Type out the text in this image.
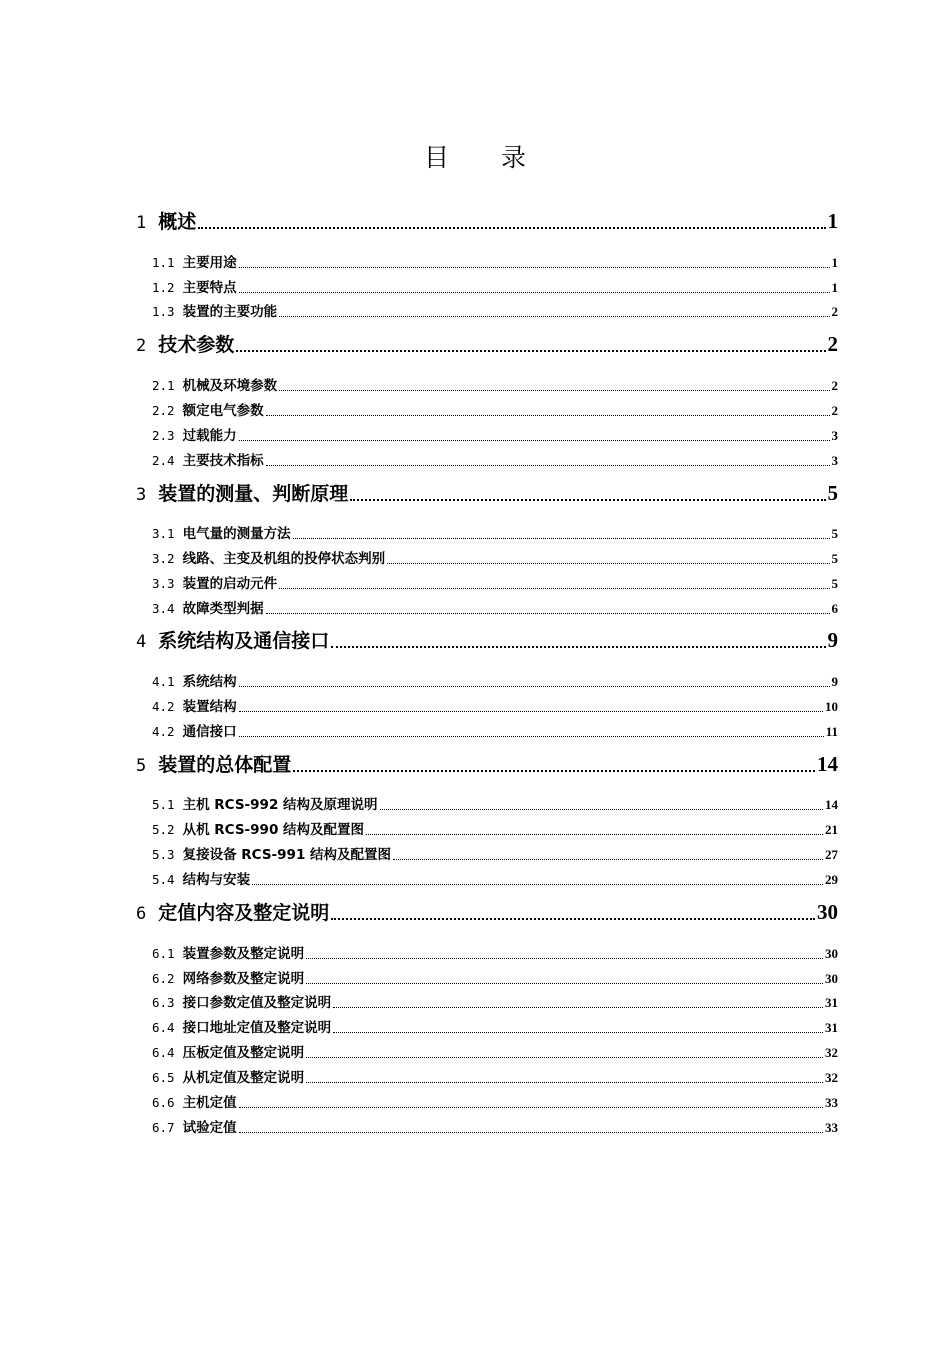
目 录
1 概述	1
1.1 主要用途	1
1.2 主要特点	1
1.3 装置的主要功能	2
2 技术参数	2
2.1 机械及环境参数	2
2.2 额定电气参数	2
2.3 过载能力	3
2.4 主要技术指标	3
3 装置的测量、判断原理	5
3.1 电气量的测量方法	5
3.2 线路、主变及机组的投停状态判别	5
3.3 装置的启动元件	5
3.4 故障类型判据	6
4 系统结构及通信接口	9
4.1 系统结构	9
4.2 装置结构	10
4.2 通信接口	11
5 装置的总体配置	14
5.1 主机 RCS-992 结构及原理说明	14
5.2 从机 RCS-990 结构及配置图	21
5.3 复接设备 RCS-991 结构及配置图	27
5.4 结构与安装	29
6 定值内容及整定说明	30
6.1 装置参数及整定说明	30
6.2 网络参数及整定说明	30
6.3 接口参数定值及整定说明	31
6.4 接口地址定值及整定说明	31
6.4 压板定值及整定说明	32
6.5 从机定值及整定说明	32
6.6 主机定值	33
6.7 试验定值	33
